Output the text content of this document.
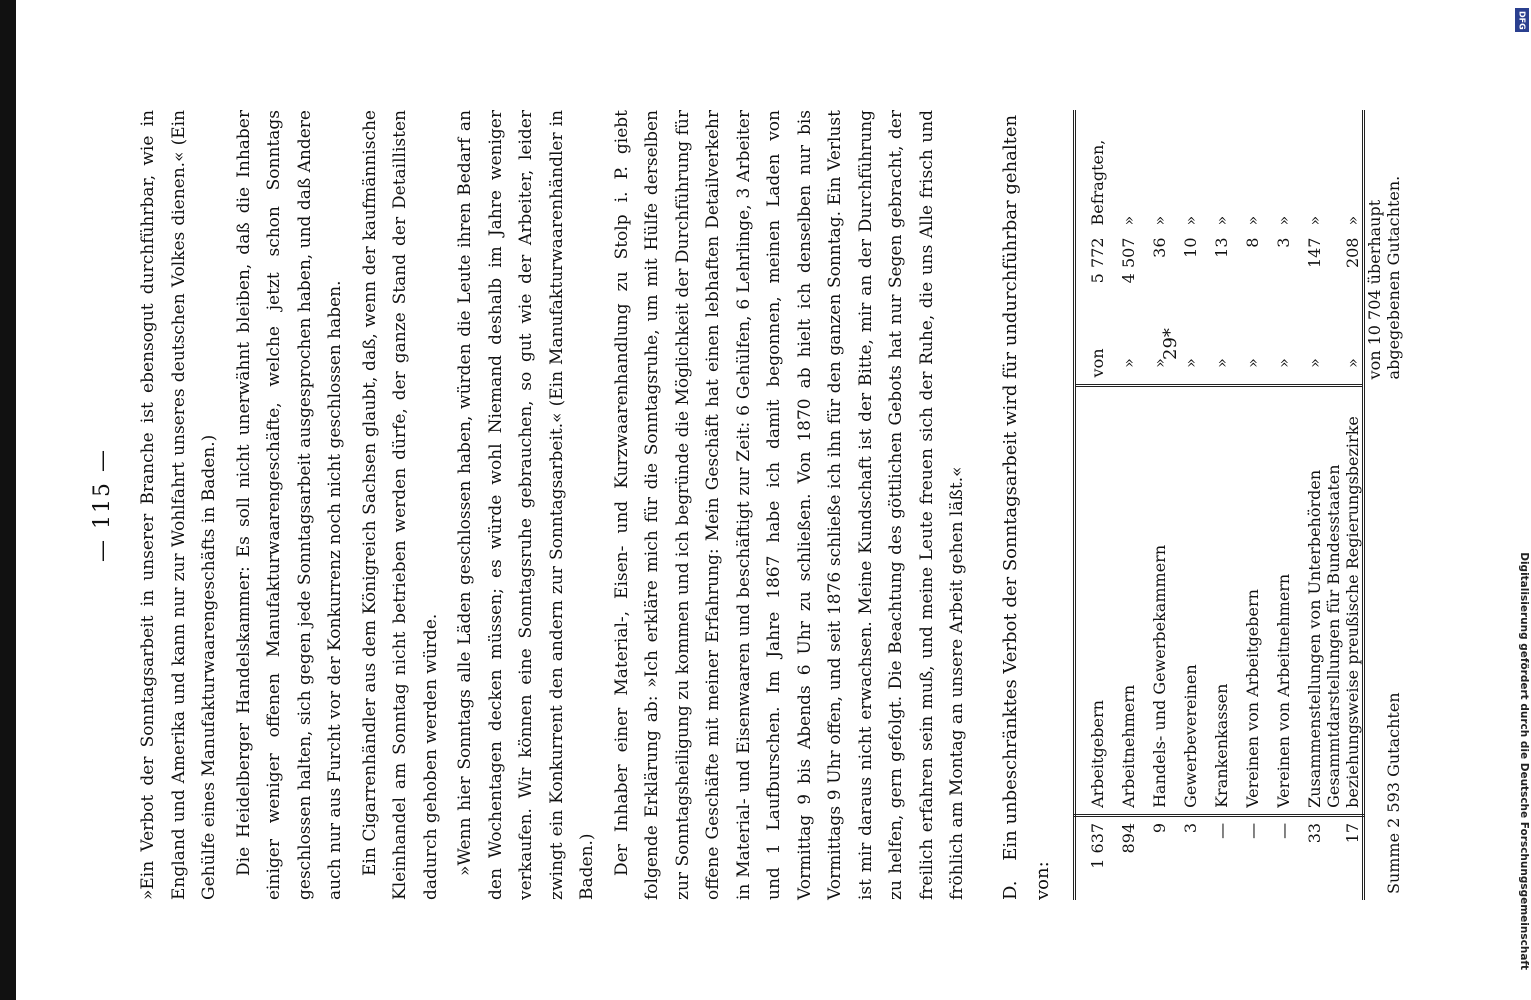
— 115 — »Ein Verbot der Sonntagsarbeit in unserer Branche ist ebensogut durchführbar, wie in England und Amerika und kann nur zur Wohlfahrt unseres deutschen Volkes dienen.« (Ein Gehülfe eines Manufakturwaarengeschäfts in Baden.) Die Heidelberger Handelskammer: Es soll nicht unerwähnt bleiben, daß die Inhaber einiger weniger offenen Manufakturwaarengeschäfte, welche jetzt schon Sonntags geschlossen halten, sich gegen jede Sonntagsarbeit ausgesprochen haben, und daß Andere auch nur aus Furcht vor der Konkurrenz noch nicht geschlossen haben. Ein Cigarrenhändler aus dem Königreich Sachsen glaubt, daß, wenn der kaufmännische Kleinhandel am Sonntag nicht betrieben werden dürfe, der ganze Stand der Detaillisten dadurch gehoben werden würde. »Wenn hier Sonntags alle Läden geschlossen haben, würden die Leute ihren Bedarf an den Wochentagen decken müssen; es würde wohl Niemand deshalb im Jahre weniger verkaufen. Wir können eine Sonntagsruhe gebrauchen, so gut wie der Arbeiter, leider zwingt ein Konkurrent den andern zur Sonntagsarbeit.« (Ein Manufakturwaarenhändler in Baden.) Der Inhaber einer Material-, Eisen- und Kurzwaarenhandlung zu Stolp i. P. giebt folgende Erklärung ab: »Ich erkläre mich für die Sonntagsruhe, um mit Hülfe derselben zur Sonntagsheiligung zu kommen und ich begründe die Möglichkeit der Durchführung für offene Geschäfte mit meiner Erfahrung: Mein Geschäft hat einen lebhaften Detailverkehr in Material- und Eisenwaaren und beschäftigt zur Zeit: 6 Gehülfen, 6 Lehrlinge, 3 Arbeiter und 1 Laufburschen. Im Jahre 1867 habe ich damit begonnen, meinen Laden von Vormittag 9 bis Abends 6 Uhr zu schließen. Von 1870 ab hielt ich denselben nur bis Vormittags 9 Uhr offen, und seit 1876 schließe ich ihn für den ganzen Sonntag. Ein Verlust ist mir daraus nicht erwachsen. Meine Kundschaft ist der Bitte, mir an der Durchführung zu helfen, gern gefolgt. Die Beachtung des göttlichen Gebots hat nur Segen gebracht, der freilich erfahren sein muß, und meine Leute freuen sich der Ruhe, die uns Alle frisch und fröhlich am Montag an unsere Arbeit gehen läßt.«	D. Ein unbeschränktes Verbot der Sonntagsarbeit wird für undurchführbar gehalten von:
1 637	Arbeitgebern	von	5 772	Befragten,
894	Arbeitnehmern	»	4 507	»
9	Handels- und Gewerbekammern	»	36	»
3	Gewerbevereinen	»	10	»
—	Krankenkassen	»	13	»
—	Vereinen von Arbeitgebern	»	8	»
—	Vereinen von Arbeitnehmern	»	3	»
33	Zusammenstellungen von Unterbehörden	»	147	»
17	Gesammtdarstellungen für Bundesstaaten beziehungsweise preußische Regierungsbezirke	»	208	»
Summe 2 593 Gutachten		von 10 704 überhaupt abgegebenen Gutachten.		
29*
Digitalisierung gefördert durch die Deutsche Forschungsgemeinschaft
DFG
